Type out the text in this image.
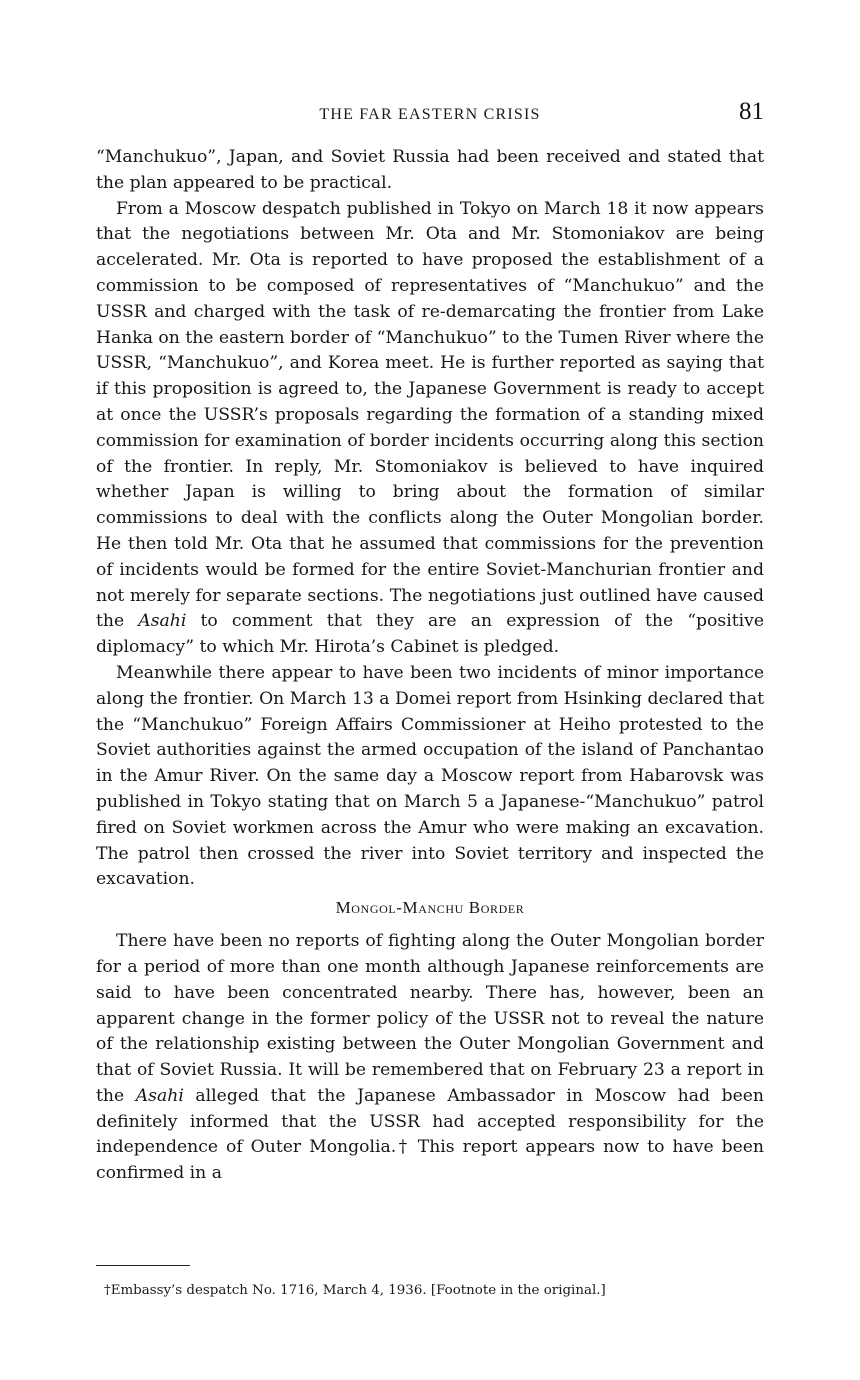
THE FAR EASTERN CRISIS	81

“Manchukuo”, Japan, and Soviet Russia had been received and stated that the plan appeared to be practical.

From a Moscow despatch published in Tokyo on March 18 it now appears that the negotiations between Mr. Ota and Mr. Stomoniakov are being accelerated. Mr. Ota is reported to have proposed the establishment of a commission to be composed of representatives of “Manchukuo” and the USSR and charged with the task of re-demarcating the frontier from Lake Hanka on the eastern border of “Manchukuo” to the Tumen River where the USSR, “Manchukuo”, and Korea meet. He is further reported as saying that if this proposition is agreed to, the Japanese Government is ready to accept at once the USSR’s proposals regarding the formation of a standing mixed commission for examination of border incidents occurring along this section of the frontier. In reply, Mr. Stomoniakov is believed to have inquired whether Japan is willing to bring about the formation of similar commissions to deal with the conflicts along the Outer Mongolian border. He then told Mr. Ota that he assumed that commissions for the prevention of incidents would be formed for the entire Soviet-Manchurian frontier and not merely for separate sections. The negotiations just outlined have caused the Asahi to comment that they are an expression of the “positive diplomacy” to which Mr. Hirota’s Cabinet is pledged.

Meanwhile there appear to have been two incidents of minor importance along the frontier. On March 13 a Domei report from Hsinking declared that the “Manchukuo” Foreign Affairs Commissioner at Heiho protested to the Soviet authorities against the armed occupation of the island of Panchantao in the Amur River. On the same day a Moscow report from Habarovsk was published in Tokyo stating that on March 5 a Japanese-“Manchukuo” patrol fired on Soviet workmen across the Amur who were making an excavation. The patrol then crossed the river into Soviet territory and inspected the excavation.

Mongol-Manchu Border

There have been no reports of fighting along the Outer Mongolian border for a period of more than one month although Japanese reinforcements are said to have been concentrated nearby. There has, however, been an apparent change in the former policy of the USSR not to reveal the nature of the relationship existing between the Outer Mongolian Government and that of Soviet Russia. It will be remembered that on February 23 a report in the Asahi alleged that the Japanese Ambassador in Moscow had been definitely informed that the USSR had accepted responsibility for the independence of Outer Mongolia.† This report appears now to have been confirmed in a

†Embassy’s despatch No. 1716, March 4, 1936. [Footnote in the original.]
